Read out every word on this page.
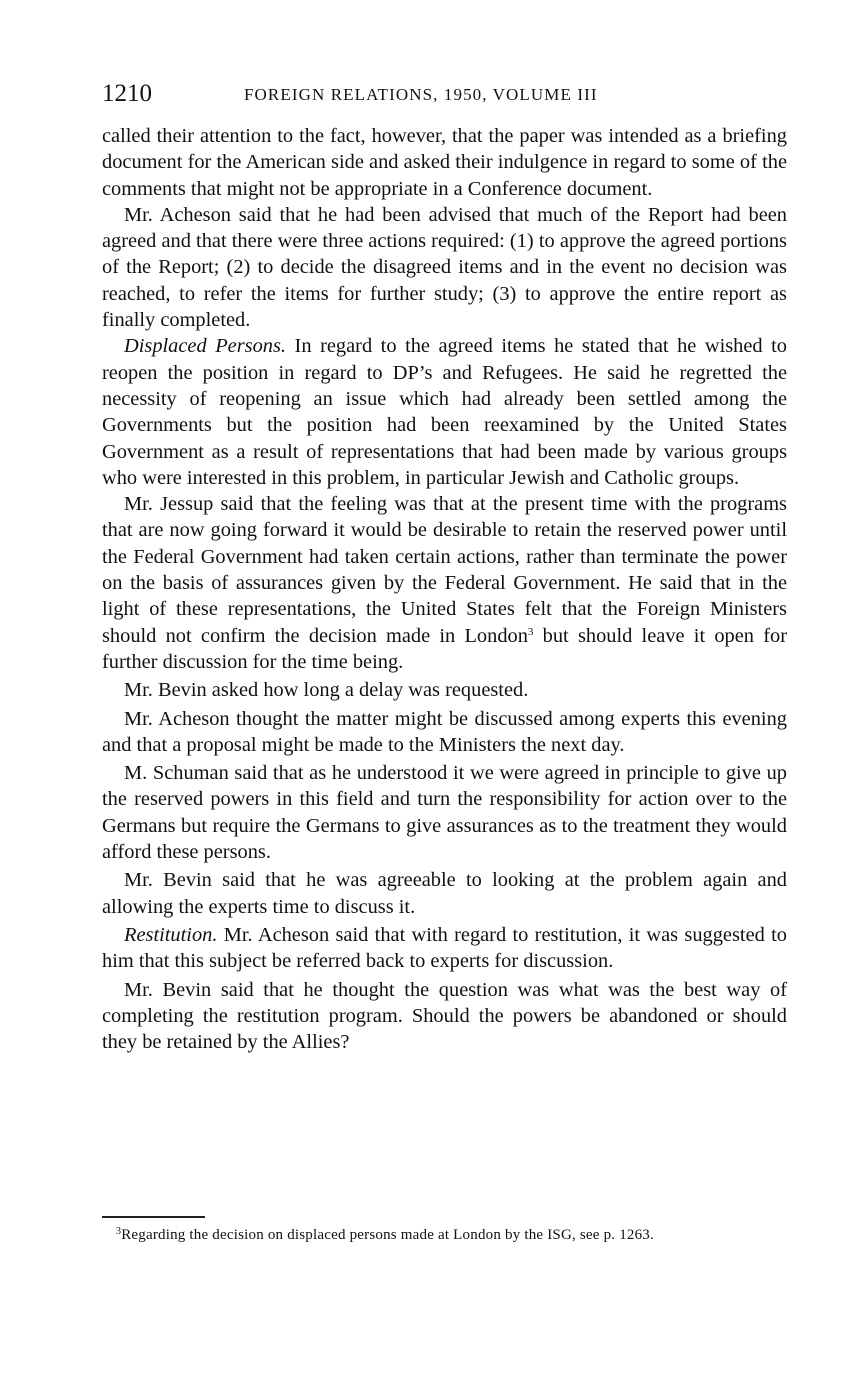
1210	FOREIGN RELATIONS, 1950, VOLUME III

called their attention to the fact, however, that the paper was intended as a briefing document for the American side and asked their indulgence in regard to some of the comments that might not be appropriate in a Conference document.

Mr. Acheson said that he had been advised that much of the Report had been agreed and that there were three actions required: (1) to approve the agreed portions of the Report; (2) to decide the disagreed items and in the event no decision was reached, to refer the items for further study; (3) to approve the entire report as finally completed.

Displaced Persons. In regard to the agreed items he stated that he wished to reopen the position in regard to DP’s and Refugees. He said he regretted the necessity of reopening an issue which had already been settled among the Governments but the position had been reexamined by the United States Government as a result of representations that had been made by various groups who were interested in this problem, in particular Jewish and Catholic groups.

Mr. Jessup said that the feeling was that at the present time with the programs that are now going forward it would be desirable to retain the reserved power until the Federal Government had taken certain actions, rather than terminate the power on the basis of assurances given by the Federal Government. He said that in the light of these representations, the United States felt that the Foreign Ministers should not confirm the decision made in London$^3$ but should leave it open for further discussion for the time being.

Mr. Bevin asked how long a delay was requested.

Mr. Acheson thought the matter might be discussed among experts this evening and that a proposal might be made to the Ministers the next day.

M. Schuman said that as he understood it we were agreed in principle to give up the reserved powers in this field and turn the responsibility for action over to the Germans but require the Germans to give assurances as to the treatment they would afford these persons.

Mr. Bevin said that he was agreeable to looking at the problem again and allowing the experts time to discuss it.

Restitution. Mr. Acheson said that with regard to restitution, it was suggested to him that this subject be referred back to experts for discussion.

Mr. Bevin said that he thought the question was what was the best way of completing the restitution program. Should the powers be abandoned or should they be retained by the Allies?

$^3$Regarding the decision on displaced persons made at London by the ISG, see p. 1263.
